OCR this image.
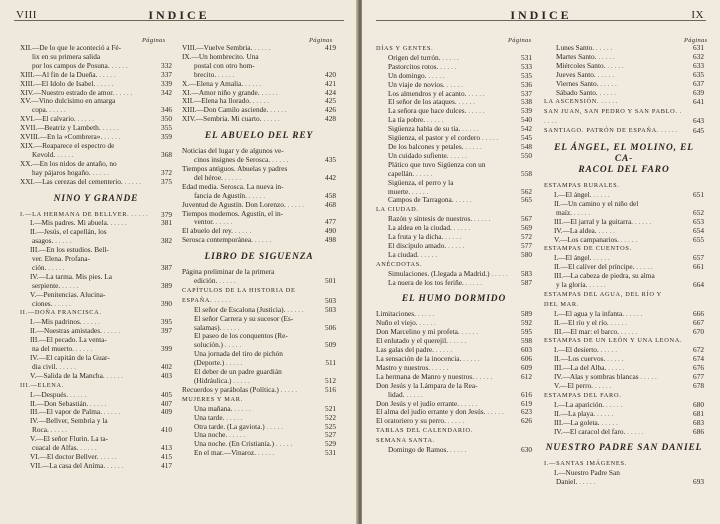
VIII	INDICE
Páginas	Páginas
XII.—De lo que le aconteció a Fé-
lix en su primera salida
por los campos de Posuna. . . . . .	332
XIII.—Al fin de la Dueña. . . . . .	337
XIII.—El Idolo de Isabel. . . . . .	339
XIV.—Nuestro estrado de amor. . . . . .	342
XV.—Vino dulcísimo en amarga
copa. . . . . .	346
XVI.—El calvario. . . . . .	350
XVII.—Beatriz y Lambeth. . . . . .	355
XVIII.—En la «Combrera». . . . . .	359
XIX.—Reaparece el espectro de
Kevold. . . . . .	368
XX.—En los nidos de antaño, no
hay pájaros hogaño. . . . . .	372
XXI.—Las cerezas del cementerio. . . . . .	375
NINO Y GRANDE
I.—LA HERMANA DE BELLVER. . . . . . 379
I.—Mis padres. Mi abuela. . . . . .	381
II.—Jesús, el capellán, los
asagos. . . . . .	382
III.—En los estudios. Bell-
ver. Elena. Profana-
ción. . . . . .	387
IV.—La tarma. Mis pies. La
serpiente. . . . . .	389
V.—Penitencias. Alucina-
ciones. . . . . .	390
II.—DOÑA FRANCISCA.
I.—Mis padrinos. . . . . .	395
II.—Nuestras amistades. . . . . .	397
III.—El pecado. La venta-
na del muerto. . . . . .	399
IV.—El capitán de la Guar-
dia civil. . . . . .	402
V.—Salida de la Mancha. . . . . .	403
III.—ELENA.
I.—Después. . . . . .	405
II.—Don Sebastián. . . . . .	407
III.—El vapor de Palma. . . . . .	409
IV.—Bellver, Sembria y la
Roca. . . . . .	410
V.—El señor Flurin. La ta-
cuacal de Alfas. . . . . .	413
VI.—El doctor Bellver. . . . . .	415
VII.—La casa del Aníma. . . . . .	417
VIII.—Vuelve Sembria. . . . . .	419
IX.—Un hombrecito. Una
postal con otro hom-
brecito. . . . . .	420
X.—Elena y Amalia. . . . . .	421
XI.—Amor niño y grande. . . . . .	424
XII.—Elena ha llorado. . . . . .	425
XIII.—Don Camilo asciende. . . . . .	426
XIV.—Sembria. Mi cuarto. . . . . .	428
EL ABUELO DEL REY
Noticias del lugar y de algunos ve-
cinos insignes de Serosca. . . . . .	435
Tiempos antiguos. Abuelas y padres
del héroe. . . . . .	442
Edad media. Serosca. La nueva in-
fancia de Agustín. . . . . .	458
Juventud de Agustín. Don Lorenzo. . . . . .	468
Tiempos modernos. Agustín, el in-
ventor. . . . . .	477
El abuelo del rey. . . . . .	490
Serosca contemporánea. . . . . .	498
LIBRO DE SIGUENZA
Página preliminar de la primera
edición. . . . . .	501
CAPÍTULOS DE LA HISTORIA DE ESPAÑA. . . . . .	503
El señor de Escalona (Justicia). . . . . .	503
El señor Carrera y su sucesor (Es-
salamas). . . . . .	506
El paseo de los conquentos (Re-
solución.) . . . . .	509
Una jornada del tiro de pichón
(Deporte.) . . . . .	511
El deber de un padre guardián
(Hidráulica.) . . . . .	512
Recuerdos y parábolas (Política.) . . . . .	516
MUJERES Y MAR.
Una mañana. . . . . .	521
Una tarde. . . . . .	522
Otra tarde. (La gaviota.) . . . . .	525
Una noche. . . . . .	527
Una noche. (En Cristianía.) . . . . .	529
En el mar.—Vinaroz. . . . . .	531
INDICE	IX
Páginas	Páginas
DÍAS Y GENTES.
Origen del turrón. . . . . .	531
Pastorcitos rotos. . . . . .	533
Un domingo. . . . . .	535
Un viaje de novios. . . . . .	536
Los almendros y el acanto. . . . . .	537
El señor de los ataques. . . . . .	538
La señora que hace dulces. . . . . .	539
La tía pobre. . . . . .	540
Sigüenza habla de su tía. . . . . .	542
Sigüenza, el pastor y el cordero . . . . .	545
De los balcones y petales. . . . . .	548
Un cuidado sufiente. . . . . .	550
Plático que tuvo Sigüenza con un
capellán. . . . . .	558
Sigüenza, el perro y la
muerte. . . . . .	562
Campos de Tarragona. . . . . .	565
LA CIUDAD.
Razón y síntesis de nuestros. . . . . .	567
La aldea en la ciudad. . . . . .	569
La fruta y la dicha. . . . . .	572
El discípulo amado. . . . . .	577
La ciudad. . . . . .	580
ANÉCDOTAS.
Simulaciones. (Llegada a Madrid.) . . . . . 583
La nuera de los tos feriñe. . . . . .	587
EL HUMO DORMIDO
Limitaciones. . . . . .	589
Nuño el viejo. . . . . .	592
Don Marcelino y mi profeta. . . . . .	595
El enlutado y el querejil. . . . . .	598
Las galas del padre. . . . . .	603
La sensación de la inocencia. . . . . .	606
Mastro y nuestros. . . . . .	609
La hermana de Manro y nuestros. . . . . .	612
Don Jesús y la Lámpara de la Rea-
lidad. . . . . .	616
Don Jesús y el judío errante. . . . . .	619
El alma del judío errante y don Jesús. . . . . . 623
El oratoriero y su perro. . . . . .	626
TABLAS DEL CALENDARIO.
SEMANA SANTA.
Domingo de Ramos. . . . . .	630
Lunes Santo. . . . . .	631
Martes Santo. . . . . .	632
Miércoles Santo. . . . . .	633
Jueves Santo. . . . . .	635
Viernes Santo. . . . . .	637
Sábado Santo. . . . . .	639
LA ASCENSIÓN. . . . . .	641
SAN JUAN, SAN PEDRO Y SAN PABLO. . . . . .	643
SANTIAGO. PATRÓN DE ESPAÑA. . . . . . 645
EL ÁNGEL, EL MOLINO, EL CA-
RACOL DEL FARO
ESTAMPAS RURALES.
I.—El ángel. . . . . .	651
II.—Un camino y el niño del
maíz. . . . . .	652
III.—El jarral y la guitarra. . . . . .	653
IV.—La aldea. . . . . .	654
V.—Los campanarios. . . . . .	655
ESTAMPAS DE CUENTOS.
I.—El ángel. . . . . .	657
II.—El calíver del príncipe. . . . . .	661
III.—La cabeza de piedra, su alma
y la gloria. . . . . .	664
ESTAMPAS DEL AGUA, DEL RÍO Y
DEL MAR.
I.—El agua y la infanta. . . . . .	666
II.—El río y el río. . . . . .	667
III.—El mar: el barco. . . . . .	670
ESTAMPAS DE UN LEÓN Y UNA LEONA.
I.—El desierto. . . . . .	672
II.—Los cuervos. . . . . .	674
III.—La del Alba. . . . . .	676
IV.—Alas y sombras blancas . . . . .	677
V.—El perro. . . . . .	678
ESTAMPAS DEL FARO.
I.—La aparición. . . . . .	680
II.—La playa. . . . . .	681
III.—La goleta. . . . . .	683
IV.—El caracol del faro. . . . . .	686
NUESTRO PADRE SAN DANIEL
I.—SANTAS IMÁGENES.
I.—Nuestro Padre San
Daniel. . . . . .	693
